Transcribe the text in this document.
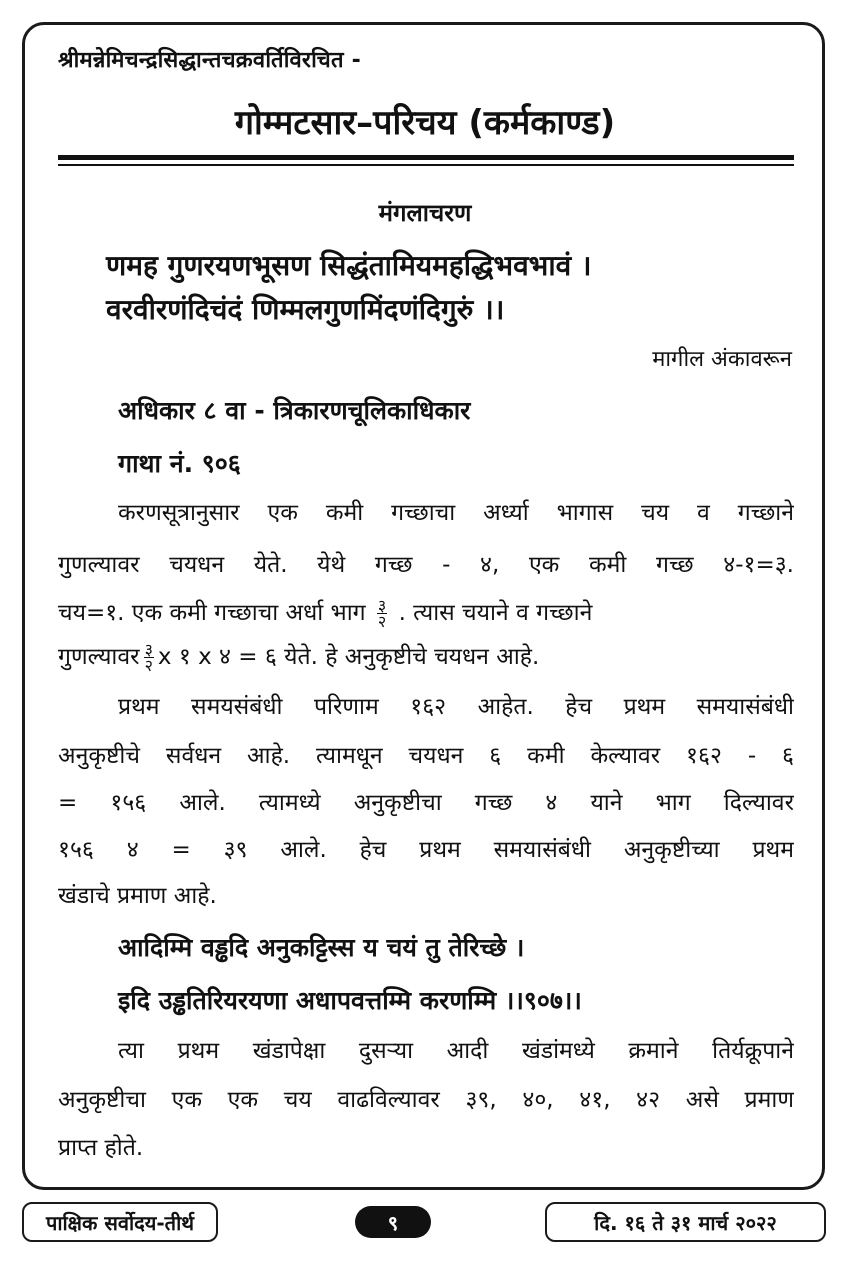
श्रीमन्नेमिचन्द्रसिद्धान्तचक्रवर्तिविरचित -
गोम्मटसार–परिचय (कर्मकाण्ड)
मंगलाचरण
णमह गुणरयणभूसण सिद्धंतामियमहद्धिभवभावं ।
वरवीरणंदिचंदं णिम्मलगुणमिंदणंदिगुरुं ।।
मागील अंकावरून
अधिकार ८ वा - त्रिकारणचूलिकाधिकार
गाथा नं. ९०६
करणसूत्रानुसार एक कमी गच्छाचा अर्ध्या भागास चय व गच्छाने
गुणल्यावर चयधन येते. येथे गच्छ - ४, एक कमी गच्छ ४-१=३.
चय=१. एक कमी गच्छाचा अर्धा भाग $\frac{३}{२}$ . त्यास चयाने व गच्छाने
गुणल्यावर $\frac{३}{२}$ x १ x ४ = ६ येते. हे अनुकृष्टीचे चयधन आहे.
प्रथम समयसंबंधी परिणाम १६२ आहेत. हेच प्रथम समयासंबंधी
अनुकृष्टीचे सर्वधन आहे. त्यामधून चयधन ६ कमी केल्यावर १६२ - ६
= १५६ आले. त्यामध्ये अनुकृष्टीचा गच्छ ४ याने भाग दिल्यावर
१५६ ४ = ३९ आले. हेच प्रथम समयासंबंधी अनुकृष्टीच्या प्रथम
खंडाचे प्रमाण आहे.
आदिम्मि वड्ढदि अनुकट्टिस्स य चयं तु तेरिच्छे ।
इदि उड्ढतिरियरयणा अधापवत्तम्मि करणम्मि ।।९०७।।
त्या प्रथम खंडापेक्षा दुसऱ्या आदी खंडांमध्ये क्रमाने तिर्यक्रूपाने
अनुकृष्टीचा एक एक चय वाढविल्यावर ३९, ४०, ४१, ४२ असे प्रमाण
प्राप्त होते.
पाक्षिक सर्वोदय-तीर्थ	९	दि. १६ ते ३१ मार्च २०२२
